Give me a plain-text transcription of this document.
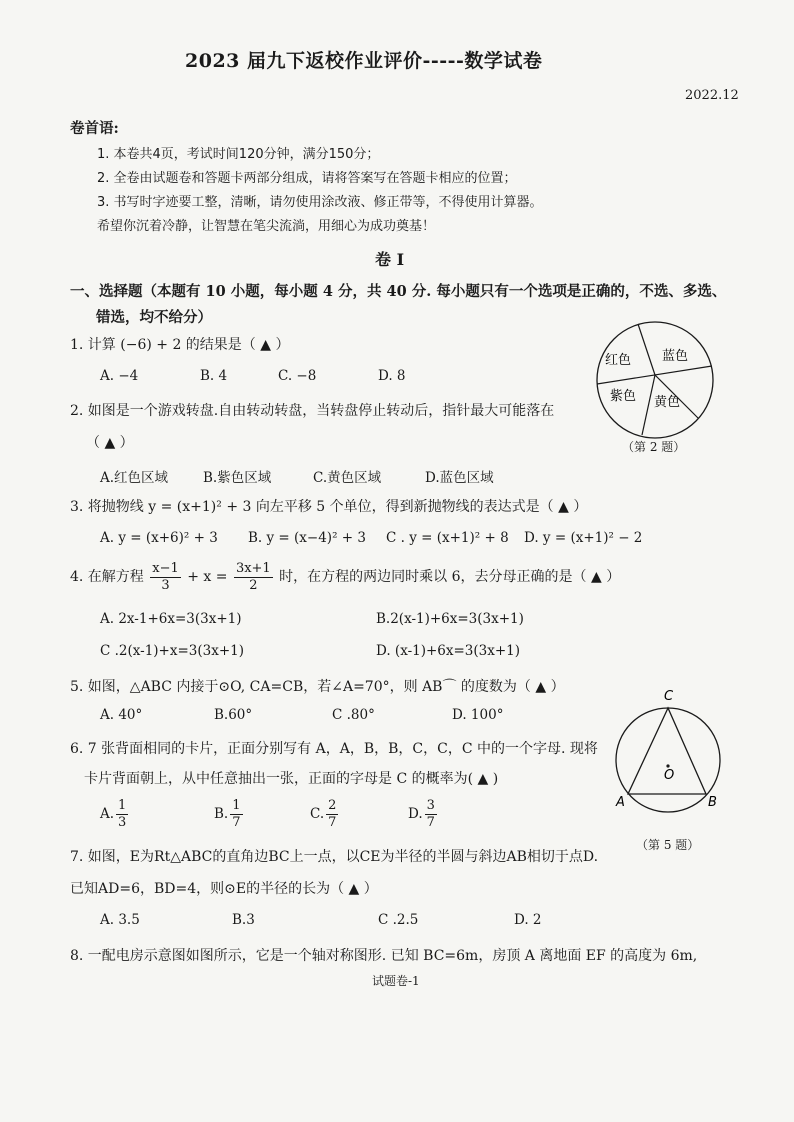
2023 届九下返校作业评价-----数学试卷
2022.12
卷首语:
1. 本卷共4页，考试时间120分钟，满分150分；
2. 全卷由试题卷和答题卡两部分组成，请将答案写在答题卡相应的位置；
3. 书写时字迹要工整，清晰，请勿使用涂改液、修正带等，不得使用计算器。
希望你沉着冷静，让智慧在笔尖流淌，用细心为成功奠基！
卷 I
一、选择题（本题有 10 小题，每小题 4 分，共 40 分. 每小题只有一个选项是正确的，不选、多选、
错选，均不给分）
1. 计算 (−6) + 2 的结果是（ ▲ ）
A. −4	B. 4	C. −8	D. 8
2. 如图是一个游戏转盘.自由转动转盘，当转盘停止转动后，指针最大可能落在
（ ▲ ）
A.红色区域	B.紫色区域	C.黄色区域	D.蓝色区域
红色 蓝色
紫色 黄色
（第 2 题）
3. 将抛物线 y = (x+1)² + 3 向左平移 5 个单位，得到新抛物线的表达式是（ ▲ ）
A. y = (x+6)² + 3 B. y = (x−4)² + 3 C . y = (x+1)² + 8 D. y = (x+1)² − 2
4. 在解方程 $\frac{x-1}{3} + x = \frac{3x+1}{2}$ 时，在方程的两边同时乘以 6，去分母正确的是（ ▲ ）
A. 2x-1+6x=3(3x+1)	B.2(x-1)+6x=3(3x+1)
C .2(x-1)+x=3(3x+1)	D. (x-1)+6x=3(3x+1)
5. 如图，△ABC 内接于⊙O, CA=CB，若∠A=70°，则 AB⌒ 的度数为（ ▲ ）
A. 40°	B.60°	C .80°	D. 100°
C
O
A	B
（第 5 题）
6. 7 张背面相同的卡片，正面分别写有 A，A，B，B，C，C，C 中的一个字母. 现将
卡片背面朝上，从中任意抽出一张，正面的字母是 C 的概率为( ▲ )
A. $\frac{1}{3}$	B. $\frac{1}{7}$	C. $\frac{2}{7}$	D. $\frac{3}{7}$
7. 如图，E为Rt△ABC的直角边BC上一点，以CE为半径的半圆与斜边AB相切于点D.
已知AD=6，BD=4，则⊙E的半径的长为（ ▲ ）
A. 3.5	B.3	C .2.5	D. 2
8. 一配电房示意图如图所示，它是一个轴对称图形. 已知 BC=6m，房顶 A 离地面 EF 的高度为 6m,
试题卷-1
